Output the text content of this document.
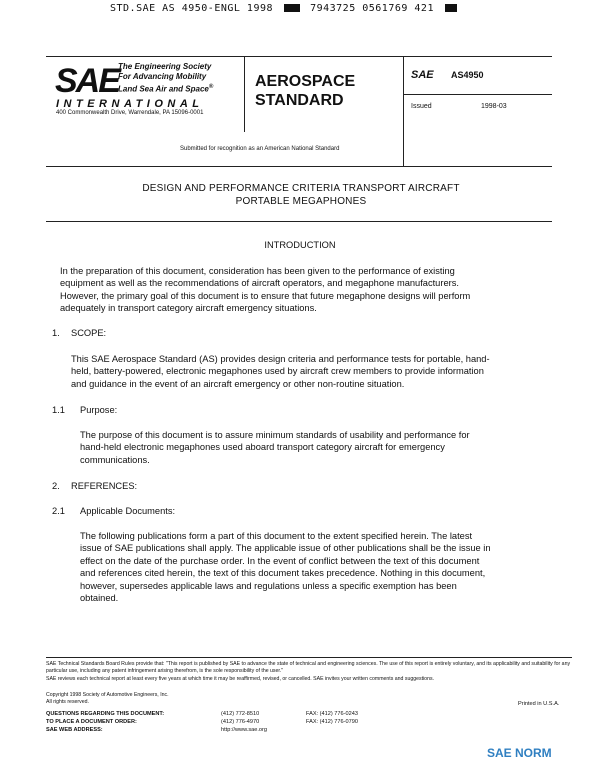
STD.SAE AS 4950-ENGL 1998	7943725 0561769 421
SAE The Engineering Society
For Advancing Mobility
Land Sea Air and Space®
INTERNATIONAL
400 Commonwealth Drive, Warrendale, PA 15096-0001
AEROSPACE
STANDARD
SAE AS4950
Issued	1998-03
Submitted for recognition as an American National Standard
DESIGN AND PERFORMANCE CRITERIA TRANSPORT AIRCRAFT
PORTABLE MEGAPHONES
INTRODUCTION
In the preparation of this document, consideration has been given to the performance of existing
equipment as well as the recommendations of aircraft operators, and megaphone manufacturers.
However, the primary goal of this document is to ensure that future megaphone designs will perform
adequately in transport category aircraft emergency situations.
1. SCOPE:
This SAE Aerospace Standard (AS) provides design criteria and performance tests for portable, hand-
held, battery-powered, electronic megaphones used by aircraft crew members to provide information
and guidance in the event of an aircraft emergency or other non-routine situation.
1.1 Purpose:
The purpose of this document is to assure minimum standards of usability and performance for
hand-held electronic megaphones used aboard transport category aircraft for emergency
communications.
2. REFERENCES:
2.1 Applicable Documents:
The following publications form a part of this document to the extent specified herein. The latest
issue of SAE publications shall apply. The applicable issue of other publications shall be the issue in
effect on the date of the purchase order. In the event of conflict between the text of this document
and references cited herein, the text of this document takes precedence. Nothing in this document,
however, supersedes applicable laws and regulations unless a specific exemption has been
obtained.
SAE Technical Standards Board Rules provide that: "This report is published by SAE to advance the state of technical and engineering sciences. The use of this report is entirely voluntary, and its applicability and suitability for any particular use, including any patent infringement arising therefrom, is the sole responsibility of the user."
SAE reviews each technical report at least every five years at which time it may be reaffirmed, revised, or cancelled. SAE invites your written comments and suggestions.
Copyright 1998 Society of Automotive Engineers, Inc.
All rights reserved.	Printed in U.S.A.
QUESTIONS REGARDING THIS DOCUMENT:	(412) 772-8510	FAX: (412) 776-0243
TO PLACE A DOCUMENT ORDER:	(412) 776-4970	FAX: (412) 776-0790
SAE WEB ADDRESS:	http://www.sae.org
SAE NORM
